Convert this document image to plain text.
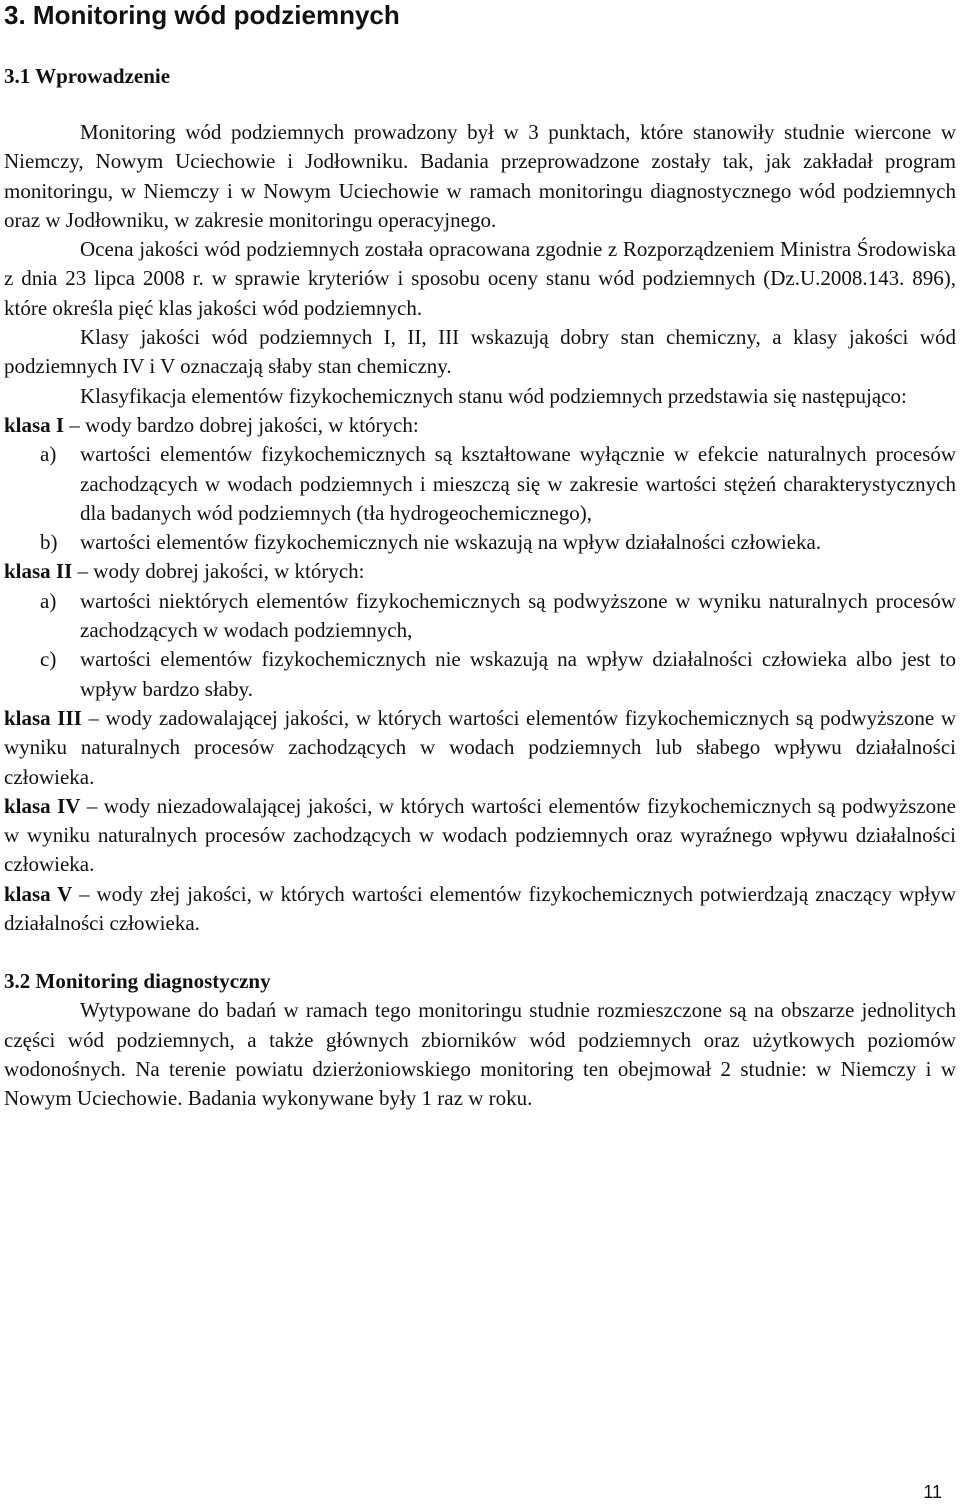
3. Monitoring wód podziemnych
3.1 Wprowadzenie

Monitoring wód podziemnych prowadzony był w 3 punktach, które stanowiły studnie wiercone w Niemczy, Nowym Uciechowie i Jodłowniku. Badania przeprowadzone zostały tak, jak zakładał program monitoringu, w Niemczy i w Nowym Uciechowie w ramach monitoringu diagnostycznego wód podziemnych oraz w Jodłowniku, w zakresie monitoringu operacyjnego.

Ocena jakości wód podziemnych została opracowana zgodnie z Rozporządzeniem Ministra Środowiska z dnia 23 lipca 2008 r. w sprawie kryteriów i sposobu oceny stanu wód podziemnych (Dz.U.2008.143. 896), które określa pięć klas jakości wód podziemnych.

Klasy jakości wód podziemnych I, II, III wskazują dobry stan chemiczny, a klasy jakości wód podziemnych IV i V oznaczają słaby stan chemiczny.

Klasyfikacja elementów fizykochemicznych stanu wód podziemnych przedstawia się następująco:

klasa I – wody bardzo dobrej jakości, w których:

a) wartości elementów fizykochemicznych są kształtowane wyłącznie w efekcie naturalnych procesów zachodzących w wodach podziemnych i mieszczą się w zakresie wartości stężeń charakterystycznych dla badanych wód podziemnych (tła hydrogeochemicznego),
b) wartości elementów fizykochemicznych nie wskazują na wpływ działalności człowieka.

klasa II – wody dobrej jakości, w których:

a) wartości niektórych elementów fizykochemicznych są podwyższone w wyniku naturalnych procesów zachodzących w wodach podziemnych,
c) wartości elementów fizykochemicznych nie wskazują na wpływ działalności człowieka albo jest to wpływ bardzo słaby.

klasa III – wody zadowalającej jakości, w których wartości elementów fizykochemicznych są podwyższone w wyniku naturalnych procesów zachodzących w wodach podziemnych lub słabego wpływu działalności człowieka.

klasa IV – wody niezadowalającej jakości, w których wartości elementów fizykochemicznych są podwyższone w wyniku naturalnych procesów zachodzących w wodach podziemnych oraz wyraźnego wpływu działalności człowieka.

klasa V – wody złej jakości, w których wartości elementów fizykochemicznych potwierdzają znaczący wpływ działalności człowieka.

3.2 Monitoring diagnostyczny

Wytypowane do badań w ramach tego monitoringu studnie rozmieszczone są na obszarze jednolitych części wód podziemnych, a także głównych zbiorników wód podziemnych oraz użytkowych poziomów wodonośnych. Na terenie powiatu dzierżoniowskiego monitoring ten obejmował 2 studnie: w Niemczy i w Nowym Uciechowie. Badania wykonywane były 1 raz w roku.

11
